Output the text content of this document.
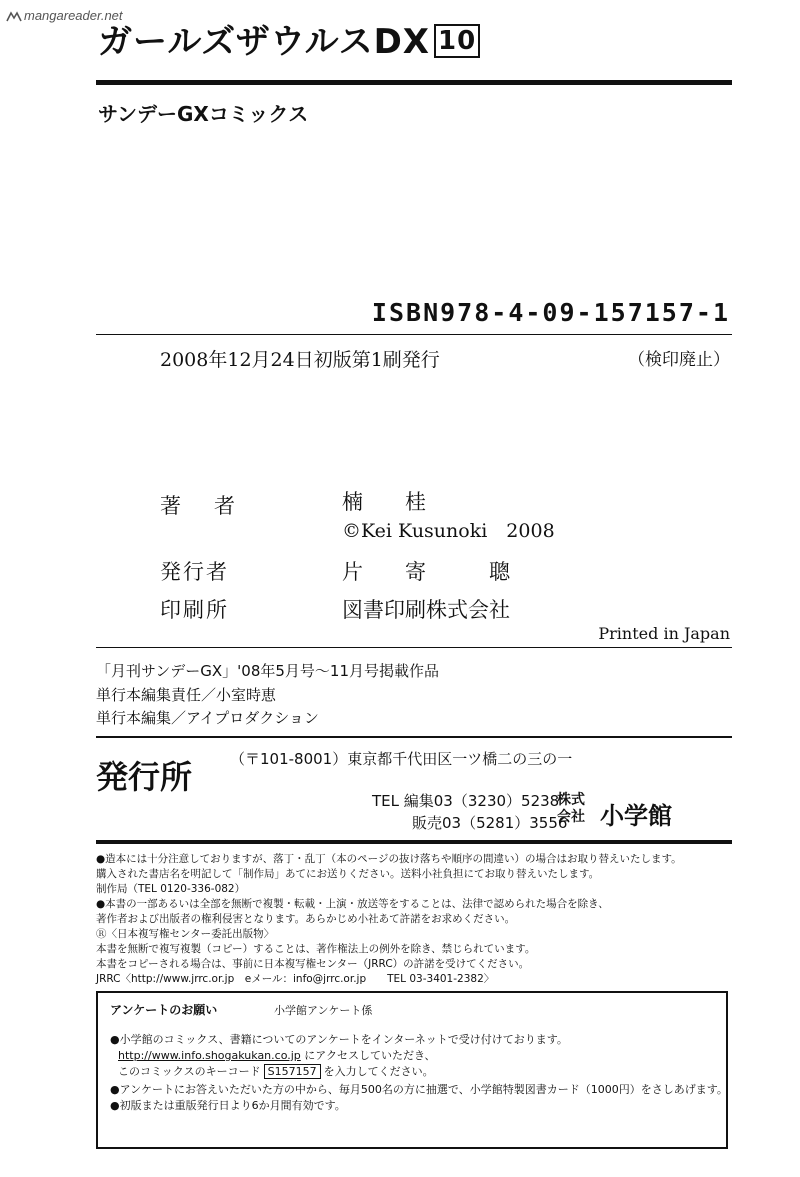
mangareader.net
ガールズザウルスDX 10
サンデーGXコミックス
ISBN978-4-09-157157-1
2008年12月24日初版第1刷発行	（検印廃止）
著　者	楠　　桂
©Kei Kusunoki　2008
発行者	片　　寄　　　聰
印刷所	図書印刷株式会社
Printed in Japan
「月刊サンデーGX」'08年5月号～11月号掲載作品
単行本編集責任／小室時恵
単行本編集／アイプロダクション
発行所	（〒101-8001）東京都千代田区一ツ橋二の三の一
TEL 編集03（3230）5238
販売03（5281）3556
株式会社 小学館
●造本には十分注意しておりますが、落丁・乱丁（本のページの抜け落ちや順序の間違い）の場合はお取り替えいたします。
購入された書店名を明記して「制作局」あてにお送りください。送料小社負担にてお取り替えいたします。
制作局（TEL 0120-336-082）
●本書の一部あるいは全部を無断で複製・転載・上演・放送等をすることは、法律で認められた場合を除き、
著作者および出版者の権利侵害となります。あらかじめ小社あて許諾をお求めください。
Ⓡ〈日本複写権センター委託出版物〉
本書を無断で複写複製（コピー）することは、著作権法上の例外を除き、禁じられています。
本書をコピーされる場合は、事前に日本複写権センター（JRRC）の許諾を受けてください。
JRRC〈http://www.jrrc.or.jp　eメール：info@jrrc.or.jp　　TEL 03-3401-2382〉
アンケートのお願い	小学館アンケート係
●小学館のコミックス、書籍についてのアンケートをインターネットで受け付けております。
http://www.info.shogakukan.co.jp にアクセスしていただき、
このコミックスのキーコード S157157 を入力してください。
●アンケートにお答えいただいた方の中から、毎月500名の方に抽選で、小学館特製図書カード（1000円）をさしあげます。
●初版または重版発行日より6か月間有効です。
